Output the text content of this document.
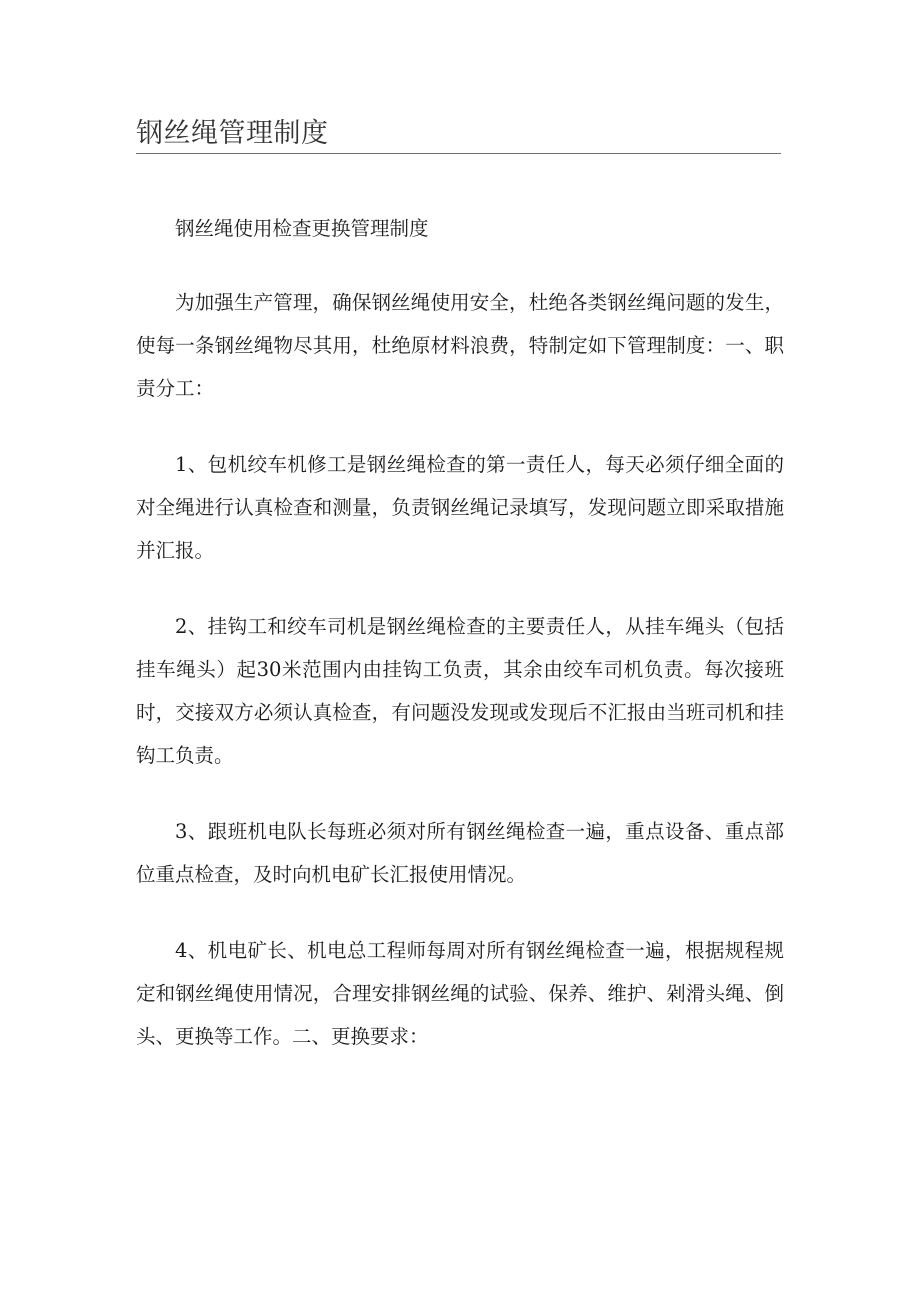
钢丝绳管理制度

钢丝绳使用检查更换管理制度

为加强生产管理，确保钢丝绳使用安全，杜绝各类钢丝绳问题的发生，使每一条钢丝绳物尽其用，杜绝原材料浪费，特制定如下管理制度：一、职责分工：

1、包机绞车机修工是钢丝绳检查的第一责任人，每天必须仔细全面的对全绳进行认真检查和测量，负责钢丝绳记录填写，发现问题立即采取措施并汇报。

2、挂钩工和绞车司机是钢丝绳检查的主要责任人，从挂车绳头（包括挂车绳头）起30米范围内由挂钩工负责，其余由绞车司机负责。每次接班时，交接双方必须认真检查，有问题没发现或发现后不汇报由当班司机和挂钩工负责。

3、跟班机电队长每班必须对所有钢丝绳检查一遍，重点设备、重点部位重点检查，及时向机电矿长汇报使用情况。

4、机电矿长、机电总工程师每周对所有钢丝绳检查一遍，根据规程规定和钢丝绳使用情况，合理安排钢丝绳的试验、保养、维护、剁滑头绳、倒头、更换等工作。二、更换要求：
